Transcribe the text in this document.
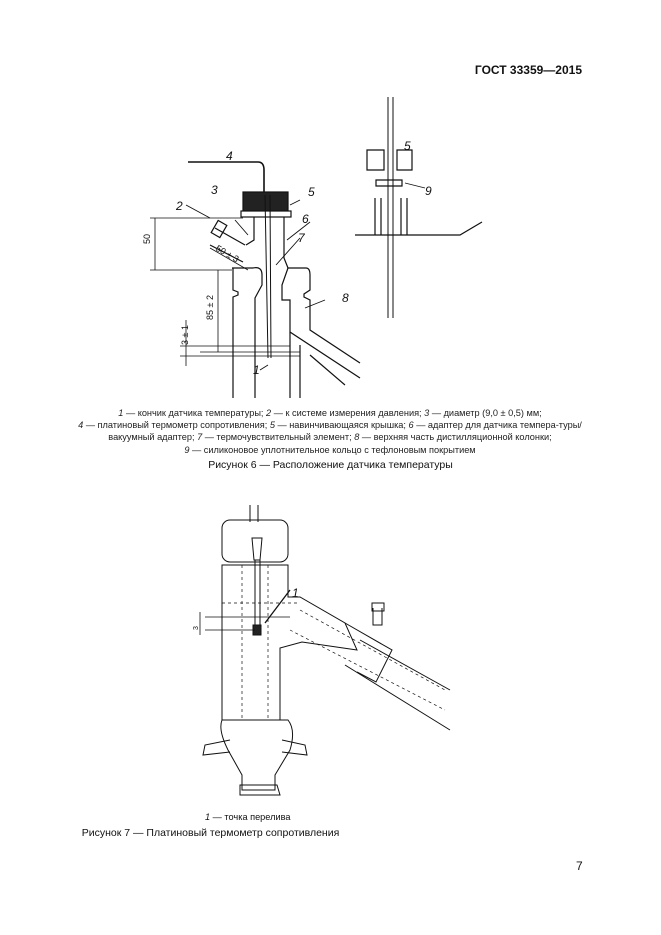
ГОСТ 33359—2015
4
3
2
5
6
7
8
1
50
50 ± 3
85 ± 2
3 ± 1
5
9
1 — кончик датчика температуры; 2 — к системе измерения давления; 3 — диаметр (9,0 ± 0,5) мм;
4 — платиновый термометр сопротивления; 5 — навинчивающаяся крышка; 6 — адаптер для датчика темпера-туры/вакуумный адаптер; 7 — термочувствительный элемент; 8 — верхняя часть дистилляционной колонки;
9 — силиконовое уплотнительное кольцо с тефлоновым покрытием
Рисунок 6 — Расположение датчика температуры
1
3
1 — точка перелива
Рисунок 7 — Платиновый термометр сопротивления
7
